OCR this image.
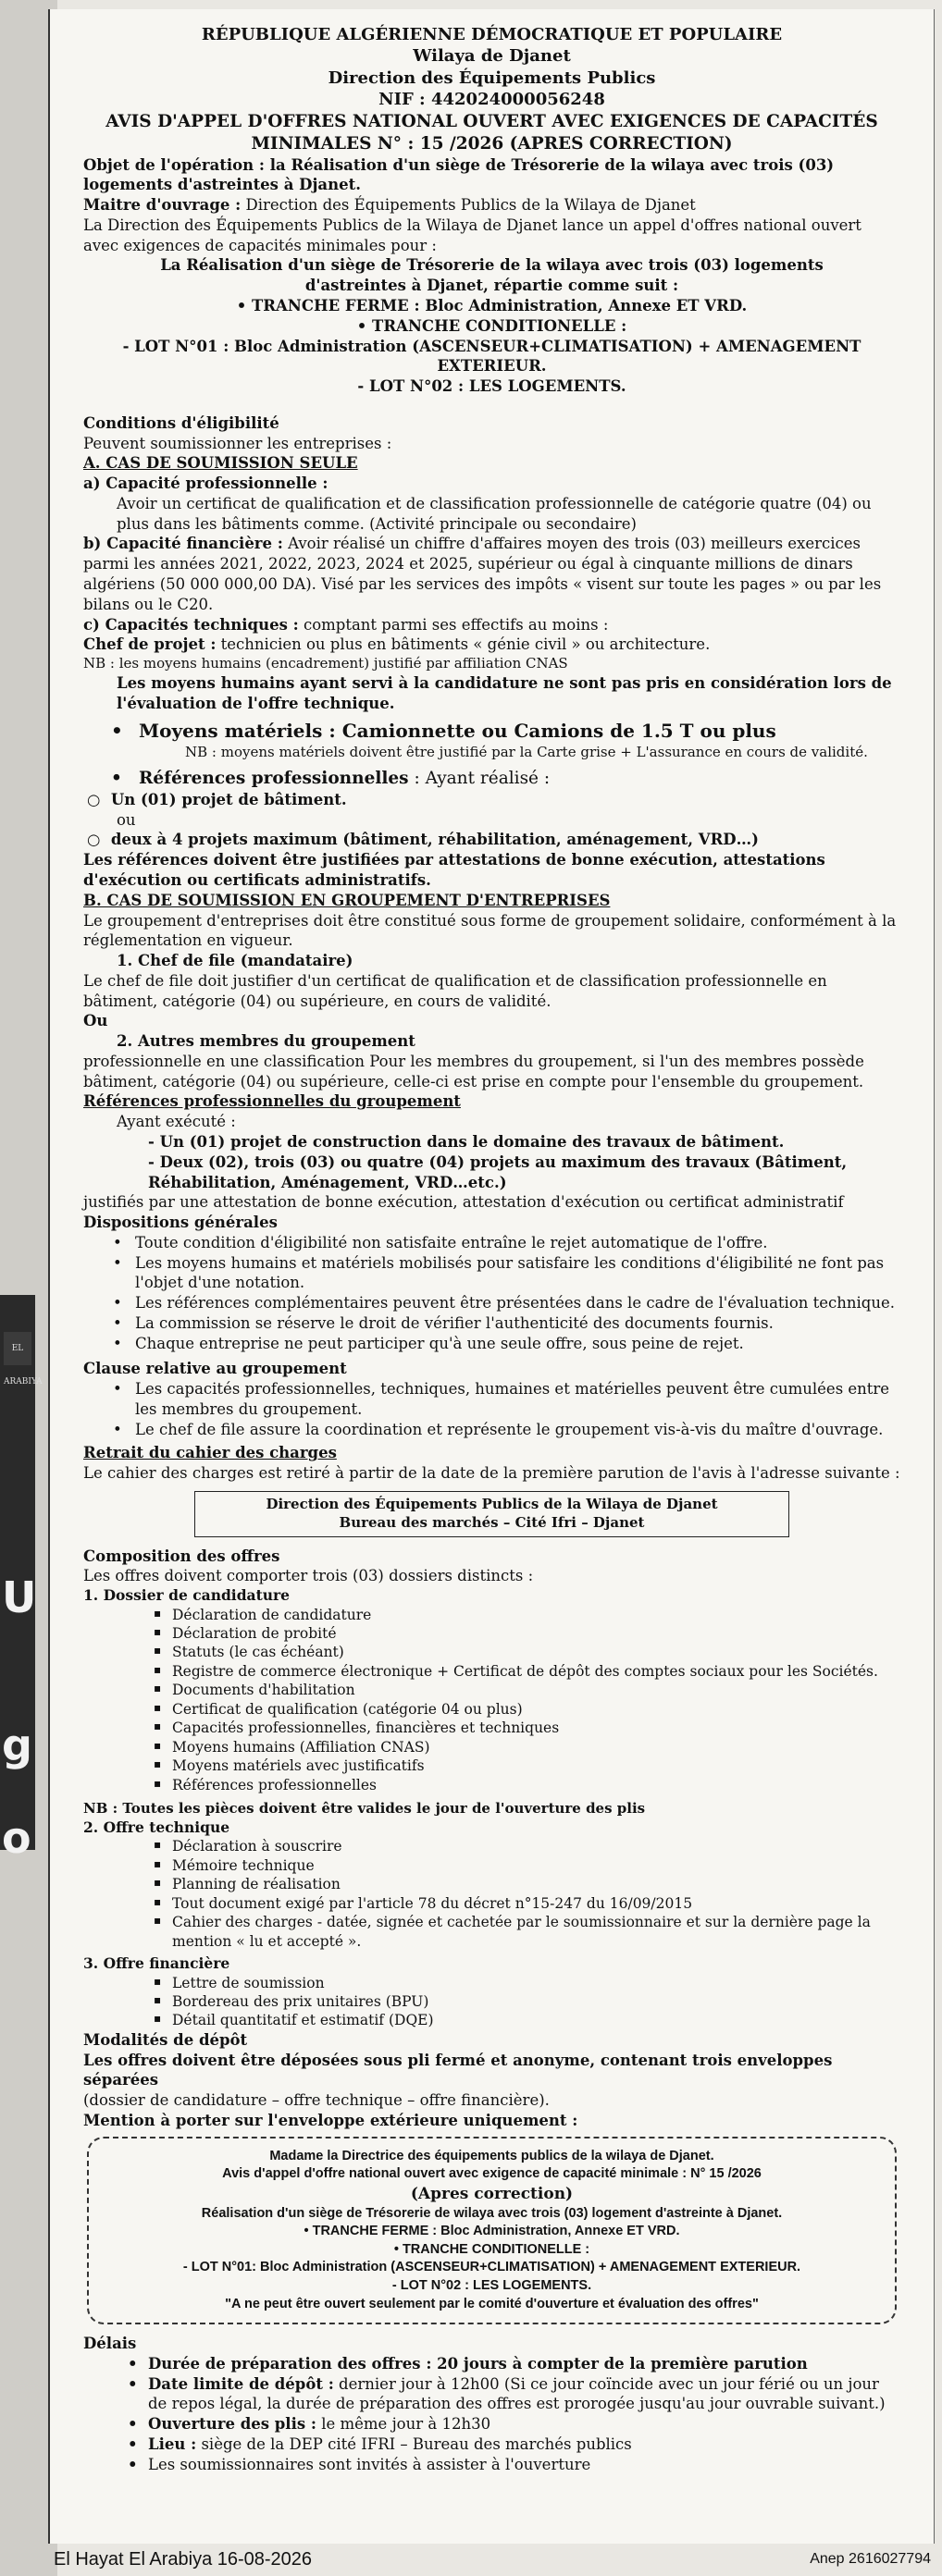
EL ARABIYA
U
g
o

RÉPUBLIQUE ALGÉRIENNE DÉMOCRATIQUE ET POPULAIRE

Wilaya de Djanet

Direction des Équipements Publics

NIF : 442024000056248

AVIS D'APPEL D'OFFRES NATIONAL OUVERT AVEC EXIGENCES DE CAPACITÉS

MINIMALES N° : 15 /2026 (APRES CORRECTION)

Objet de l'opération : la Réalisation d'un siège de Trésorerie de la wilaya avec trois (03) logements d'astreintes à Djanet.

Maitre d'ouvrage : Direction des Équipements Publics de la Wilaya de Djanet

La Direction des Équipements Publics de la Wilaya de Djanet lance un appel d'offres national ouvert avec exigences de capacités minimales pour :

La Réalisation d'un siège de Trésorerie de la wilaya avec trois (03) logements

d'astreintes à Djanet, répartie comme suit :

• TRANCHE FERME : Bloc Administration, Annexe ET VRD.

• TRANCHE CONDITIONELLE :

- LOT N°01 : Bloc Administration (ASCENSEUR+CLIMATISATION) + AMENAGEMENT EXTERIEUR.

- LOT N°02 : LES LOGEMENTS.

Conditions d'éligibilité

Peuvent soumissionner les entreprises :

A. CAS DE SOUMISSION SEULE

a) Capacité professionnelle :

Avoir un certificat de qualification et de classification professionnelle de catégorie quatre (04) ou plus dans les bâtiments comme. (Activité principale ou secondaire)

b) Capacité financière : Avoir réalisé un chiffre d'affaires moyen des trois (03) meilleurs exercices parmi les années 2021, 2022, 2023, 2024 et 2025, supérieur ou égal à cinquante millions de dinars algériens (50 000 000,00 DA). Visé par les services des impôts « visent sur toute les pages » ou par les bilans ou le C20.

c) Capacités techniques : comptant parmi ses effectifs au moins :

Chef de projet : technicien ou plus en bâtiments « génie civil » ou architecture.

NB : les moyens humains (encadrement) justifié par affiliation CNAS

Les moyens humains ayant servi à la candidature ne sont pas pris en considération lors de l'évaluation de l'offre technique.

• Moyens matériels : Camionnette ou Camions de 1.5 T ou plus

NB : moyens matériels doivent être justifié par la Carte grise + L'assurance en cours de validité.

• Références professionnelles : Ayant réalisé :

○  Un (01) projet de bâtiment.

ou

○  deux à 4 projets maximum (bâtiment, réhabilitation, aménagement, VRD…)

Les références doivent être justifiées par attestations de bonne exécution, attestations d'exécution ou certificats administratifs.

B. CAS DE SOUMISSION EN GROUPEMENT D'ENTREPRISES

Le groupement d'entreprises doit être constitué sous forme de groupement solidaire, conformément à la réglementation en vigueur.

1. Chef de file (mandataire)

Le chef de file doit justifier d'un certificat de qualification et de classification professionnelle en bâtiment, catégorie (04) ou supérieure, en cours de validité.

Ou

2. Autres membres du groupement

professionnelle en une classification Pour les membres du groupement, si l'un des membres possède bâtiment, catégorie (04) ou supérieure, celle-ci est prise en compte pour l'ensemble du groupement.

Références professionnelles du groupement

Ayant exécuté :

- Un (01) projet de construction dans le domaine des travaux de bâtiment.

- Deux (02), trois (03) ou quatre (04) projets au maximum des travaux (Bâtiment, Réhabilitation, Aménagement, VRD…etc.)

justifiés par une attestation de bonne exécution, attestation d'exécution ou certificat administratif

Dispositions générales

• Toute condition d'éligibilité non satisfaite entraîne le rejet automatique de l'offre.
• Les moyens humains et matériels mobilisés pour satisfaire les conditions d'éligibilité ne font pas l'objet d'une notation.
• Les références complémentaires peuvent être présentées dans le cadre de l'évaluation technique.
• La commission se réserve le droit de vérifier l'authenticité des documents fournis.
• Chaque entreprise ne peut participer qu'à une seule offre, sous peine de rejet.

Clause relative au groupement

• Les capacités professionnelles, techniques, humaines et matérielles peuvent être cumulées entre les membres du groupement.
• Le chef de file assure la coordination et représente le groupement vis-à-vis du maître d'ouvrage.

Retrait du cahier des charges

Le cahier des charges est retiré à partir de la date de la première parution de l'avis à l'adresse suivante :

Direction des Équipements Publics de la Wilaya de Djanet

Bureau des marchés – Cité Ifri – Djanet

Composition des offres

Les offres doivent comporter trois (03) dossiers distincts :

1. Dossier de candidature

▪ Déclaration de candidature
▪ Déclaration de probité
▪ Statuts (le cas échéant)
▪ Registre de commerce électronique + Certificat de dépôt des comptes sociaux pour les Sociétés.
▪ Documents d'habilitation
▪ Certificat de qualification (catégorie 04 ou plus)
▪ Capacités professionnelles, financières et techniques
▪ Moyens humains (Affiliation CNAS)
▪ Moyens matériels avec justificatifs
▪ Références professionnelles

NB : Toutes les pièces doivent être valides le jour de l'ouverture des plis

2. Offre technique

▪ Déclaration à souscrire
▪ Mémoire technique
▪ Planning de réalisation
▪ Tout document exigé par l'article 78 du décret n°15-247 du 16/09/2015
▪ Cahier des charges - datée, signée et cachetée par le soumissionnaire et sur la dernière page la mention « lu et accepté ».

3. Offre financière

▪ Lettre de soumission
▪ Bordereau des prix unitaires (BPU)
▪ Détail quantitatif et estimatif (DQE)

Modalités de dépôt

Les offres doivent être déposées sous pli fermé et anonyme, contenant trois enveloppes séparées

(dossier de candidature – offre technique – offre financière).

Mention à porter sur l'enveloppe extérieure uniquement :

Madame la Directrice des équipements publics de la wilaya de Djanet.

Avis d'appel d'offre national ouvert avec exigence de capacité minimale : N° 15 /2026

(Apres correction)

Réalisation d'un siège de Trésorerie de wilaya avec trois (03) logement d'astreinte à Djanet.

• TRANCHE FERME : Bloc Administration, Annexe ET VRD.

• TRANCHE CONDITIONELLE :

- LOT N°01: Bloc Administration (ASCENSEUR+CLIMATISATION) + AMENAGEMENT EXTERIEUR.

- LOT N°02 : LES LOGEMENTS.

"A ne peut être ouvert seulement par le comité d'ouverture et évaluation des offres"

Délais

• Durée de préparation des offres : 20 jours à compter de la première parution
• Date limite de dépôt : dernier jour à 12h00 (Si ce jour coïncide avec un jour férié ou un jour de repos légal, la durée de préparation des offres est prorogée jusqu'au jour ouvrable suivant.)
• Ouverture des plis : le même jour à 12h30
• Lieu : siège de la DEP cité IFRI – Bureau des marchés publics
• Les soumissionnaires sont invités à assister à l'ouverture
El Hayat El Arabiya 16-08-2026	Anep 2616027794
